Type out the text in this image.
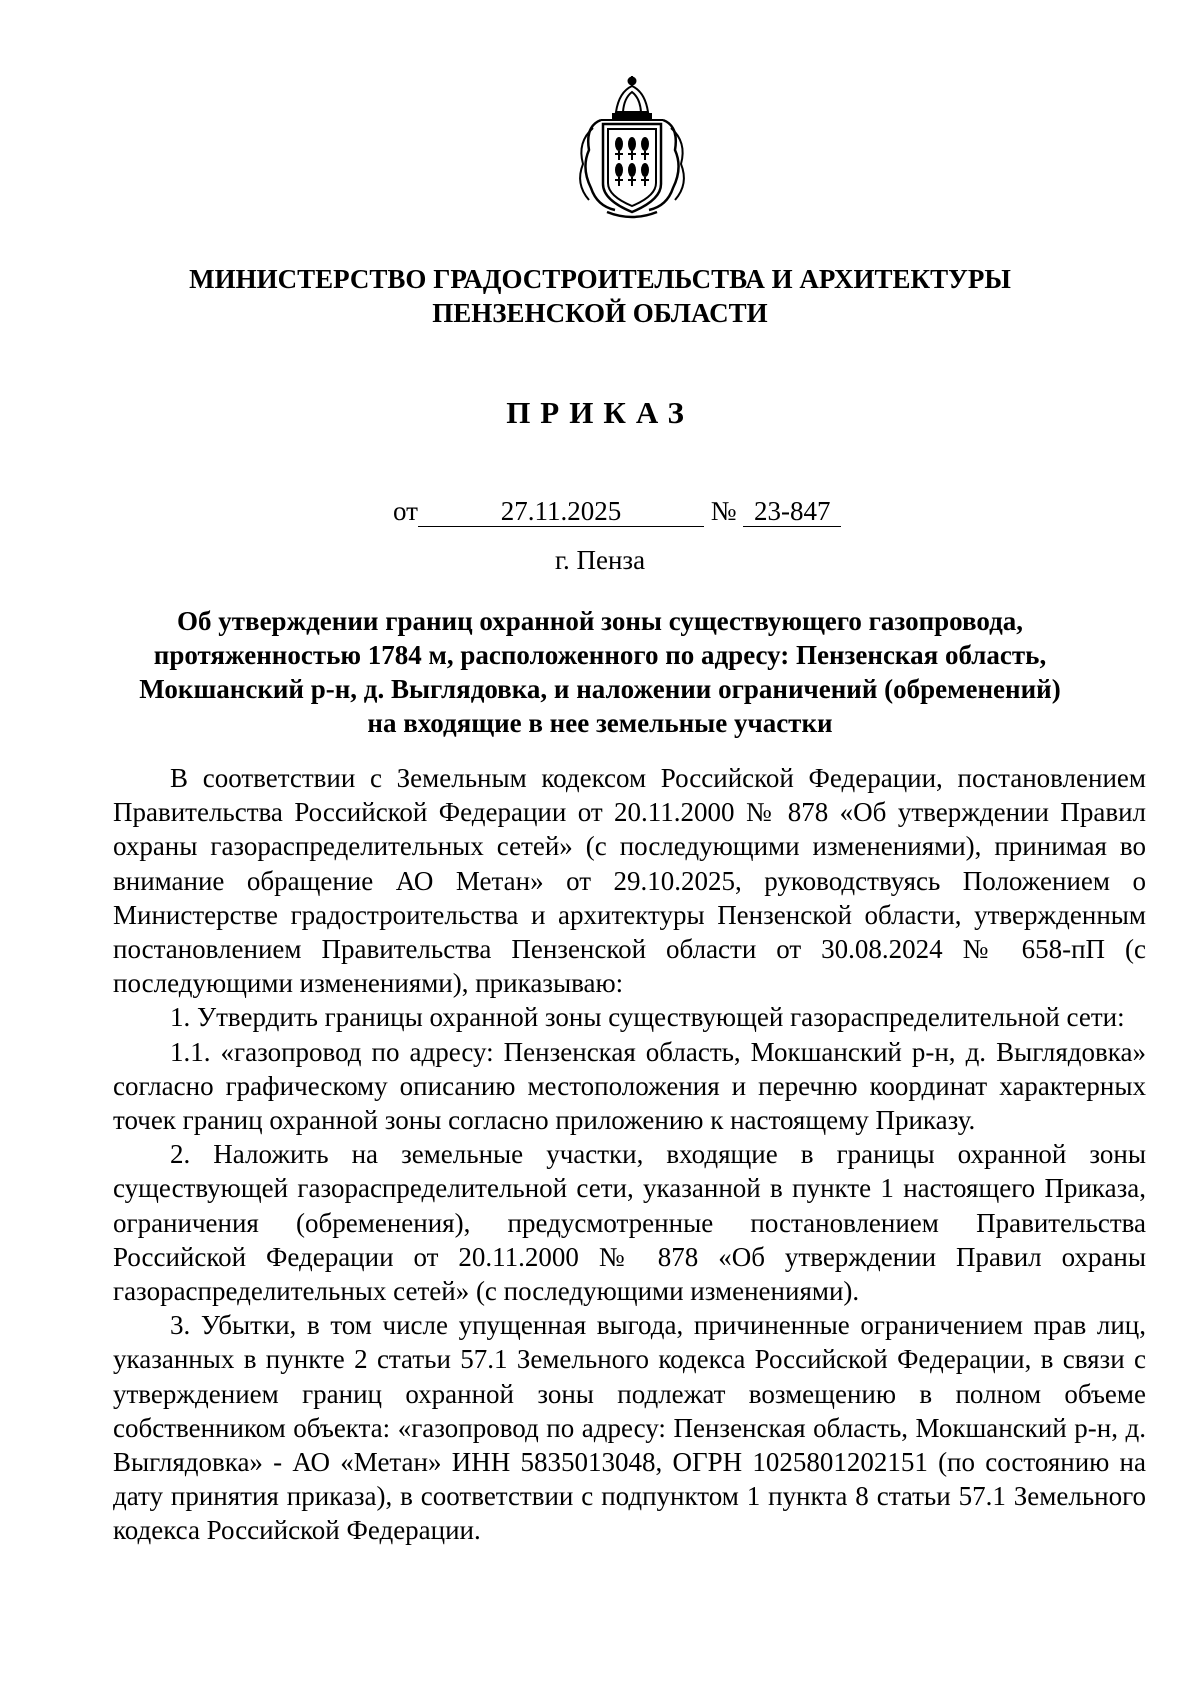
МИНИСТЕРСТВО ГРАДОСТРОИТЕЛЬСТВА И АРХИТЕКТУРЫ
ПЕНЗЕНСКОЙ ОБЛАСТИ
ПРИКАЗ
от	27.11.2025	№ 23-847
г. Пенза
Об утверждении границ охранной зоны существующего газопровода,
протяженностью 1784 м, расположенного по адресу: Пензенская область,
Мокшанский р-н, д. Выглядовка, и наложении ограничений (обременений)
на входящие в нее земельные участки

В соответствии с Земельным кодексом Российской Федерации, постановлением Правительства Российской Федерации от 20.11.2000 № 878 «Об утверждении Правил охраны газораспределительных сетей» (с последующими изменениями), принимая во внимание обращение АО Метан» от 29.10.2025, руководствуясь Положением о Министерстве градостроительства и архитектуры Пензенской области, утвержденным постановлением Правительства Пензенской области от 30.08.2024 № 658-пП (с последующими изменениями), приказываю:

1. Утвердить границы охранной зоны существующей газораспределительной сети:

1.1. «газопровод по адресу: Пензенская область, Мокшанский р-н, д. Выглядовка» согласно графическому описанию местоположения и перечню координат характерных точек границ охранной зоны согласно приложению к настоящему Приказу.

2. Наложить на земельные участки, входящие в границы охранной зоны существующей газораспределительной сети, указанной в пункте 1 настоящего Приказа, ограничения (обременения), предусмотренные постановлением Правительства Российской Федерации от 20.11.2000 № 878 «Об утверждении Правил охраны газораспределительных сетей» (с последующими изменениями).

3. Убытки, в том числе упущенная выгода, причиненные ограничением прав лиц, указанных в пункте 2 статьи 57.1 Земельного кодекса Российской Федерации, в связи с утверждением границ охранной зоны подлежат возмещению в полном объеме собственником объекта: «газопровод по адресу: Пензенская область, Мокшанский р-н, д. Выглядовка» - АО «Метан» ИНН 5835013048, ОГРН 1025801202151 (по состоянию на дату принятия приказа), в соответствии с подпунктом 1 пункта 8 статьи 57.1 Земельного кодекса Российской Федерации.
